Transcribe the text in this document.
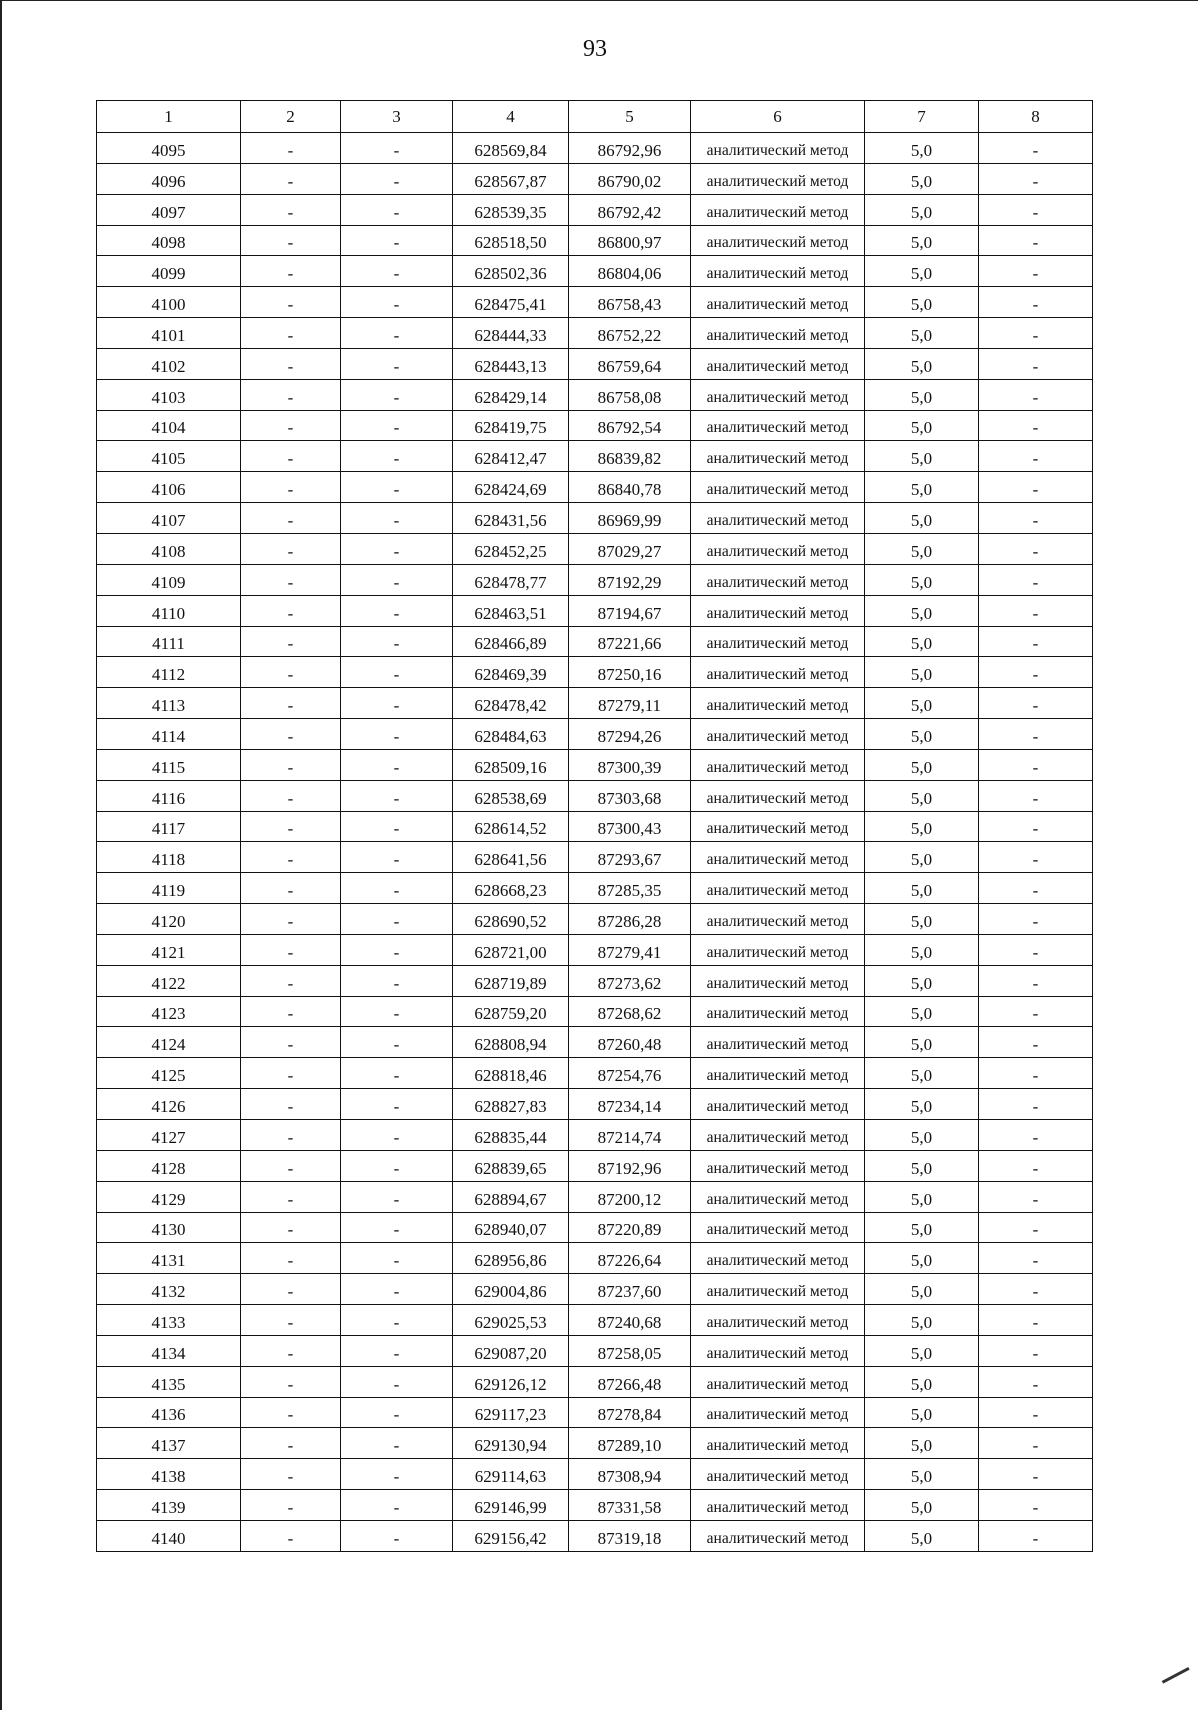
93
1	2	3	4	5	6	7	8
4095	-	-	628569,84	86792,96	аналитический метод	5,0	-
4096	-	-	628567,87	86790,02	аналитический метод	5,0	-
4097	-	-	628539,35	86792,42	аналитический метод	5,0	-
4098	-	-	628518,50	86800,97	аналитический метод	5,0	-
4099	-	-	628502,36	86804,06	аналитический метод	5,0	-
4100	-	-	628475,41	86758,43	аналитический метод	5,0	-
4101	-	-	628444,33	86752,22	аналитический метод	5,0	-
4102	-	-	628443,13	86759,64	аналитический метод	5,0	-
4103	-	-	628429,14	86758,08	аналитический метод	5,0	-
4104	-	-	628419,75	86792,54	аналитический метод	5,0	-
4105	-	-	628412,47	86839,82	аналитический метод	5,0	-
4106	-	-	628424,69	86840,78	аналитический метод	5,0	-
4107	-	-	628431,56	86969,99	аналитический метод	5,0	-
4108	-	-	628452,25	87029,27	аналитический метод	5,0	-
4109	-	-	628478,77	87192,29	аналитический метод	5,0	-
4110	-	-	628463,51	87194,67	аналитический метод	5,0	-
4111	-	-	628466,89	87221,66	аналитический метод	5,0	-
4112	-	-	628469,39	87250,16	аналитический метод	5,0	-
4113	-	-	628478,42	87279,11	аналитический метод	5,0	-
4114	-	-	628484,63	87294,26	аналитический метод	5,0	-
4115	-	-	628509,16	87300,39	аналитический метод	5,0	-
4116	-	-	628538,69	87303,68	аналитический метод	5,0	-
4117	-	-	628614,52	87300,43	аналитический метод	5,0	-
4118	-	-	628641,56	87293,67	аналитический метод	5,0	-
4119	-	-	628668,23	87285,35	аналитический метод	5,0	-
4120	-	-	628690,52	87286,28	аналитический метод	5,0	-
4121	-	-	628721,00	87279,41	аналитический метод	5,0	-
4122	-	-	628719,89	87273,62	аналитический метод	5,0	-
4123	-	-	628759,20	87268,62	аналитический метод	5,0	-
4124	-	-	628808,94	87260,48	аналитический метод	5,0	-
4125	-	-	628818,46	87254,76	аналитический метод	5,0	-
4126	-	-	628827,83	87234,14	аналитический метод	5,0	-
4127	-	-	628835,44	87214,74	аналитический метод	5,0	-
4128	-	-	628839,65	87192,96	аналитический метод	5,0	-
4129	-	-	628894,67	87200,12	аналитический метод	5,0	-
4130	-	-	628940,07	87220,89	аналитический метод	5,0	-
4131	-	-	628956,86	87226,64	аналитический метод	5,0	-
4132	-	-	629004,86	87237,60	аналитический метод	5,0	-
4133	-	-	629025,53	87240,68	аналитический метод	5,0	-
4134	-	-	629087,20	87258,05	аналитический метод	5,0	-
4135	-	-	629126,12	87266,48	аналитический метод	5,0	-
4136	-	-	629117,23	87278,84	аналитический метод	5,0	-
4137	-	-	629130,94	87289,10	аналитический метод	5,0	-
4138	-	-	629114,63	87308,94	аналитический метод	5,0	-
4139	-	-	629146,99	87331,58	аналитический метод	5,0	-
4140	-	-	629156,42	87319,18	аналитический метод	5,0	-
